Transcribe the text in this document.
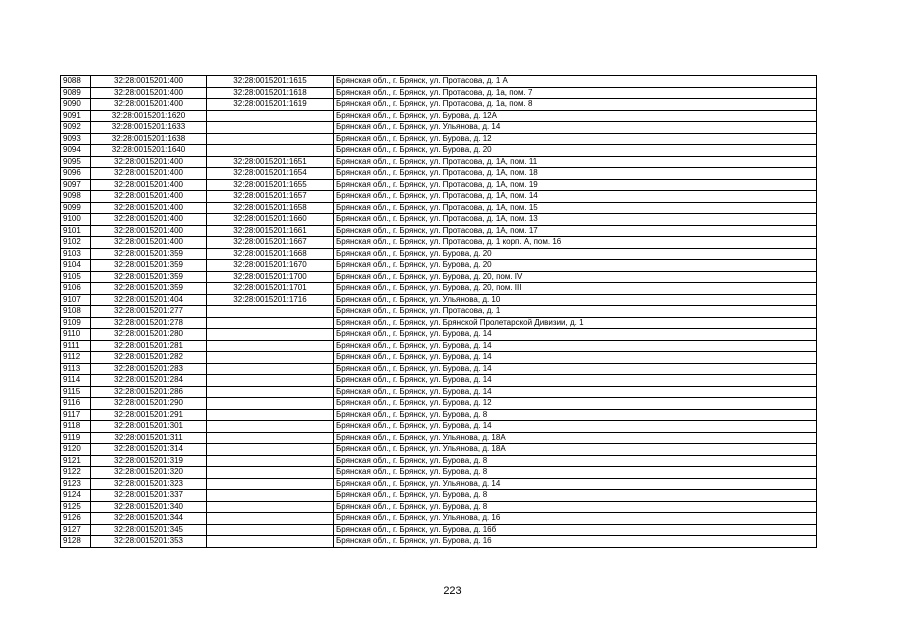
9088	32:28:0015201:400	32:28:0015201:1615	Брянская обл., г. Брянск, ул. Протасова, д. 1 А
9089	32:28:0015201:400	32:28:0015201:1618	Брянская обл., г. Брянск, ул. Протасова, д. 1а, пом. 7
9090	32:28:0015201:400	32:28:0015201:1619	Брянская обл., г. Брянск, ул. Протасова, д. 1а, пом. 8
9091	32:28:0015201:1620		Брянская обл., г. Брянск, ул. Бурова, д. 12А
9092	32:28:0015201:1633		Брянская обл., г. Брянск, ул. Ульянова, д. 14
9093	32:28:0015201:1638		Брянская обл., г. Брянск, ул. Бурова, д. 12
9094	32:28:0015201:1640		Брянская обл., г. Брянск, ул. Бурова, д. 20
9095	32:28:0015201:400	32:28:0015201:1651	Брянская обл., г. Брянск, ул. Протасова, д. 1А, пом. 11
9096	32:28:0015201:400	32:28:0015201:1654	Брянская обл., г. Брянск, ул. Протасова, д. 1А, пом. 18
9097	32:28:0015201:400	32:28:0015201:1655	Брянская обл., г. Брянск, ул. Протасова, д. 1А, пом. 19
9098	32:28:0015201:400	32:28:0015201:1657	Брянская обл., г. Брянск, ул. Протасова, д. 1А, пом. 14
9099	32:28:0015201:400	32:28:0015201:1658	Брянская обл., г. Брянск, ул. Протасова, д. 1А, пом. 15
9100	32:28:0015201:400	32:28:0015201:1660	Брянская обл., г. Брянск, ул. Протасова, д. 1А, пом. 13
9101	32:28:0015201:400	32:28:0015201:1661	Брянская обл., г. Брянск, ул. Протасова, д. 1А, пом. 17
9102	32:28:0015201:400	32:28:0015201:1667	Брянская обл., г. Брянск, ул. Протасова, д. 1 корп. А, пом. 16
9103	32:28:0015201:359	32:28:0015201:1668	Брянская обл., г. Брянск, ул. Бурова, д. 20
9104	32:28:0015201:359	32:28:0015201:1670	Брянская обл., г. Брянск, ул. Бурова, д. 20
9105	32:28:0015201:359	32:28:0015201:1700	Брянская обл., г. Брянск, ул. Бурова, д. 20, пом. IV
9106	32:28:0015201:359	32:28:0015201:1701	Брянская обл., г. Брянск, ул. Бурова, д. 20, пом. III
9107	32:28:0015201:404	32:28:0015201:1716	Брянская обл., г. Брянск, ул. Ульянова, д. 10
9108	32:28:0015201:277		Брянская обл., г. Брянск, ул. Протасова, д. 1
9109	32:28:0015201:278		Брянская обл., г. Брянск, ул. Брянской Пролетарской Дивизии, д. 1
9110	32:28:0015201:280		Брянская обл., г. Брянск, ул. Бурова, д. 14
9111	32:28:0015201:281		Брянская обл., г. Брянск, ул. Бурова, д. 14
9112	32:28:0015201:282		Брянская обл., г. Брянск, ул. Бурова, д. 14
9113	32:28:0015201:283		Брянская обл., г. Брянск, ул. Бурова, д. 14
9114	32:28:0015201:284		Брянская обл., г. Брянск, ул. Бурова, д. 14
9115	32:28:0015201:286		Брянская обл., г. Брянск, ул. Бурова, д. 14
9116	32:28:0015201:290		Брянская обл., г. Брянск, ул. Бурова, д. 12
9117	32:28:0015201:291		Брянская обл., г. Брянск, ул. Бурова, д. 8
9118	32:28:0015201:301		Брянская обл., г. Брянск, ул. Бурова, д. 14
9119	32:28:0015201:311		Брянская обл., г. Брянск, ул. Ульянова, д. 18А
9120	32:28:0015201:314		Брянская обл., г. Брянск, ул. Ульянова, д. 18А
9121	32:28:0015201:319		Брянская обл., г. Брянск, ул. Бурова, д. 8
9122	32:28:0015201:320		Брянская обл., г. Брянск, ул. Бурова, д. 8
9123	32:28:0015201:323		Брянская обл., г. Брянск, ул. Ульянова, д. 14
9124	32:28:0015201:337		Брянская обл., г. Брянск, ул. Бурова, д. 8
9125	32:28:0015201:340		Брянская обл., г. Брянск, ул. Бурова, д. 8
9126	32:28:0015201:344		Брянская обл., г. Брянск, ул. Ульянова, д. 16
9127	32:28:0015201:345		Брянская обл., г. Брянск, ул. Бурова, д. 16б
9128	32:28:0015201:353		Брянская обл., г. Брянск, ул. Бурова, д. 16
223
